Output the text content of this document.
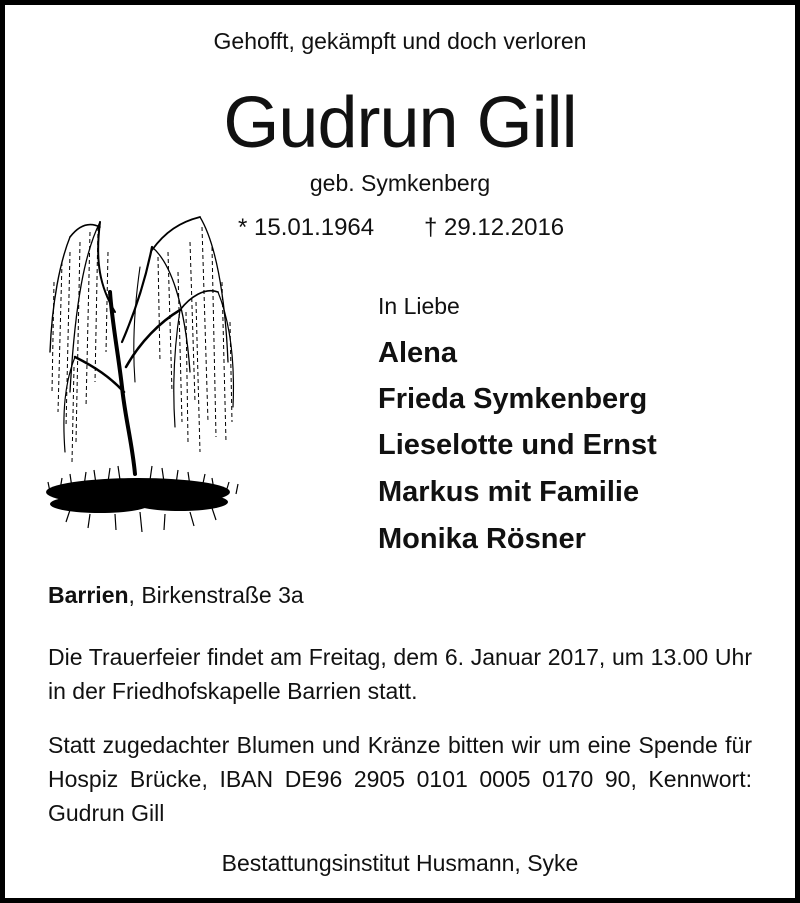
Gehofft, gekämpft und doch verloren
Gudrun Gill
geb. Symkenberg
* 15.01.1964 † 29.12.2016
In Liebe
Alena
Frieda Symkenberg
Lieselotte und Ernst
Markus mit Familie
Monika Rösner
Barrien, Birkenstraße 3a
Die Trauerfeier findet am Freitag, dem 6. Januar 2017, um 13.00 Uhr in der Friedhofskapelle Barrien statt.
Statt zugedachter Blumen und Kränze bitten wir um eine Spende für Hospiz Brücke, IBAN DE96 2905 0101 0005 0170 90, Kennwort: Gudrun Gill
Bestattungsinstitut Husmann, Syke
